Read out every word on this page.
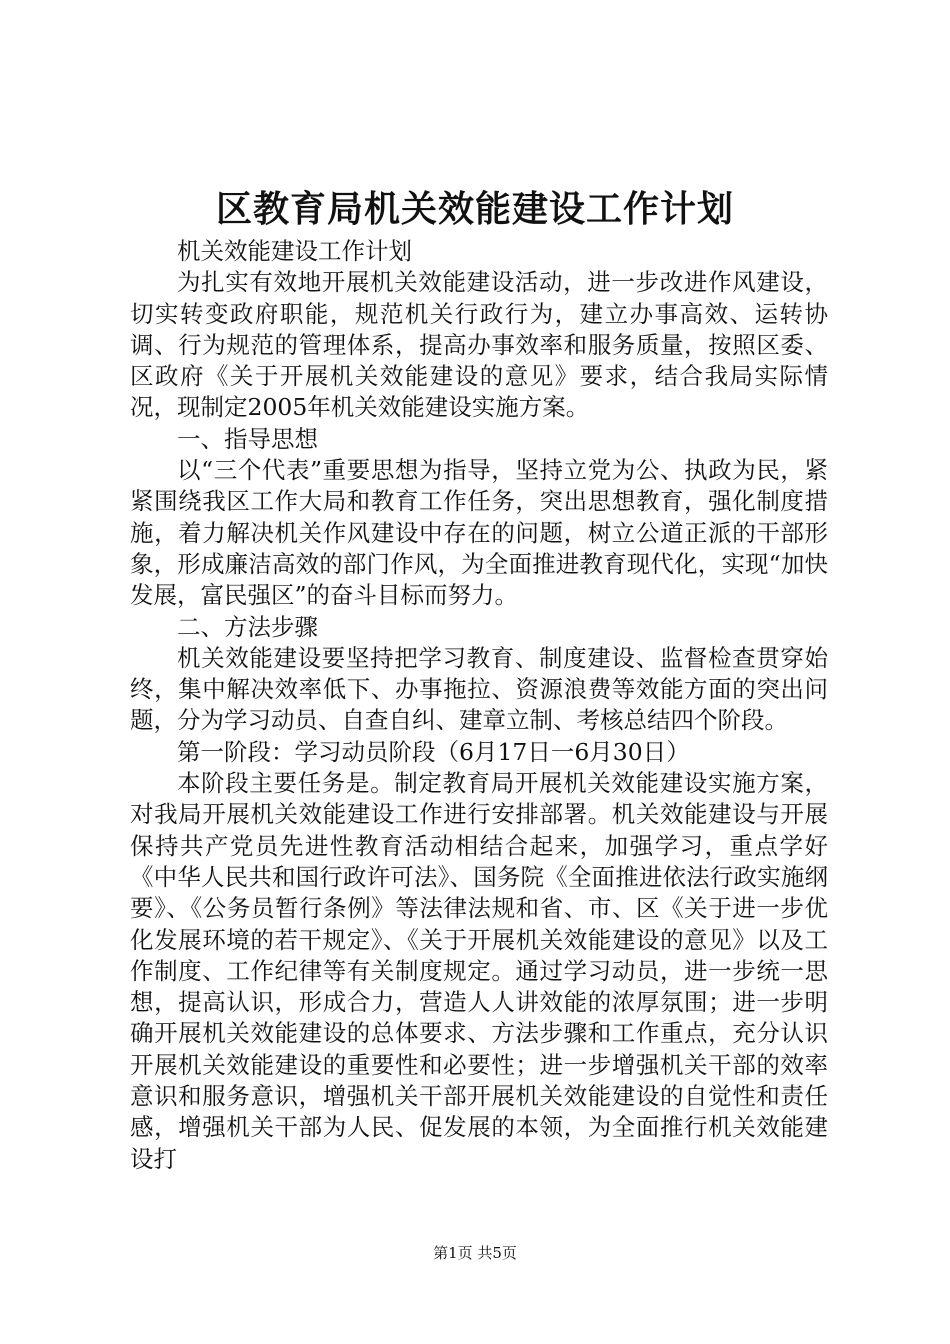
区教育局机关效能建设工作计划

机关效能建设工作计划

为扎实有效地开展机关效能建设活动，进一步改进作风建设，切实转变政府职能，规范机关行政行为，建立办事高效、运转协调、行为规范的管理体系，提高办事效率和服务质量，按照区委、区政府《关于开展机关效能建设的意见》要求，结合我局实际情况，现制定2005年机关效能建设实施方案。

一、指导思想

以“三个代表”重要思想为指导，坚持立党为公、执政为民，紧紧围绕我区工作大局和教育工作任务，突出思想教育，强化制度措施，着力解决机关作风建设中存在的问题，树立公道正派的干部形象，形成廉洁高效的部门作风，为全面推进教育现代化，实现“加快发展，富民强区”的奋斗目标而努力。

二、方法步骤

机关效能建设要坚持把学习教育、制度建设、监督检查贯穿始终，集中解决效率低下、办事拖拉、资源浪费等效能方面的突出问题，分为学习动员、自查自纠、建章立制、考核总结四个阶段。

第一阶段：学习动员阶段（6月17日一6月30日）

本阶段主要任务是。制定教育局开展机关效能建设实施方案，对我局开展机关效能建设工作进行安排部署。机关效能建设与开展保持共产党员先进性教育活动相结合起来，加强学习，重点学好《中华人民共和国行政许可法》、国务院《全面推进依法行政实施纲要》、《公务员暂行条例》等法律法规和省、市、区《关于进一步优化发展环境的若干规定》、《关于开展机关效能建设的意见》以及工作制度、工作纪律等有关制度规定。通过学习动员，进一步统一思想，提高认识，形成合力，营造人人讲效能的浓厚氛围；进一步明确开展机关效能建设的总体要求、方法步骤和工作重点，充分认识开展机关效能建设的重要性和必要性；进一步增强机关干部的效率意识和服务意识，增强机关干部开展机关效能建设的自觉性和责任感，增强机关干部为人民、促发展的本领，为全面推行机关效能建设打

第1页 共5页
